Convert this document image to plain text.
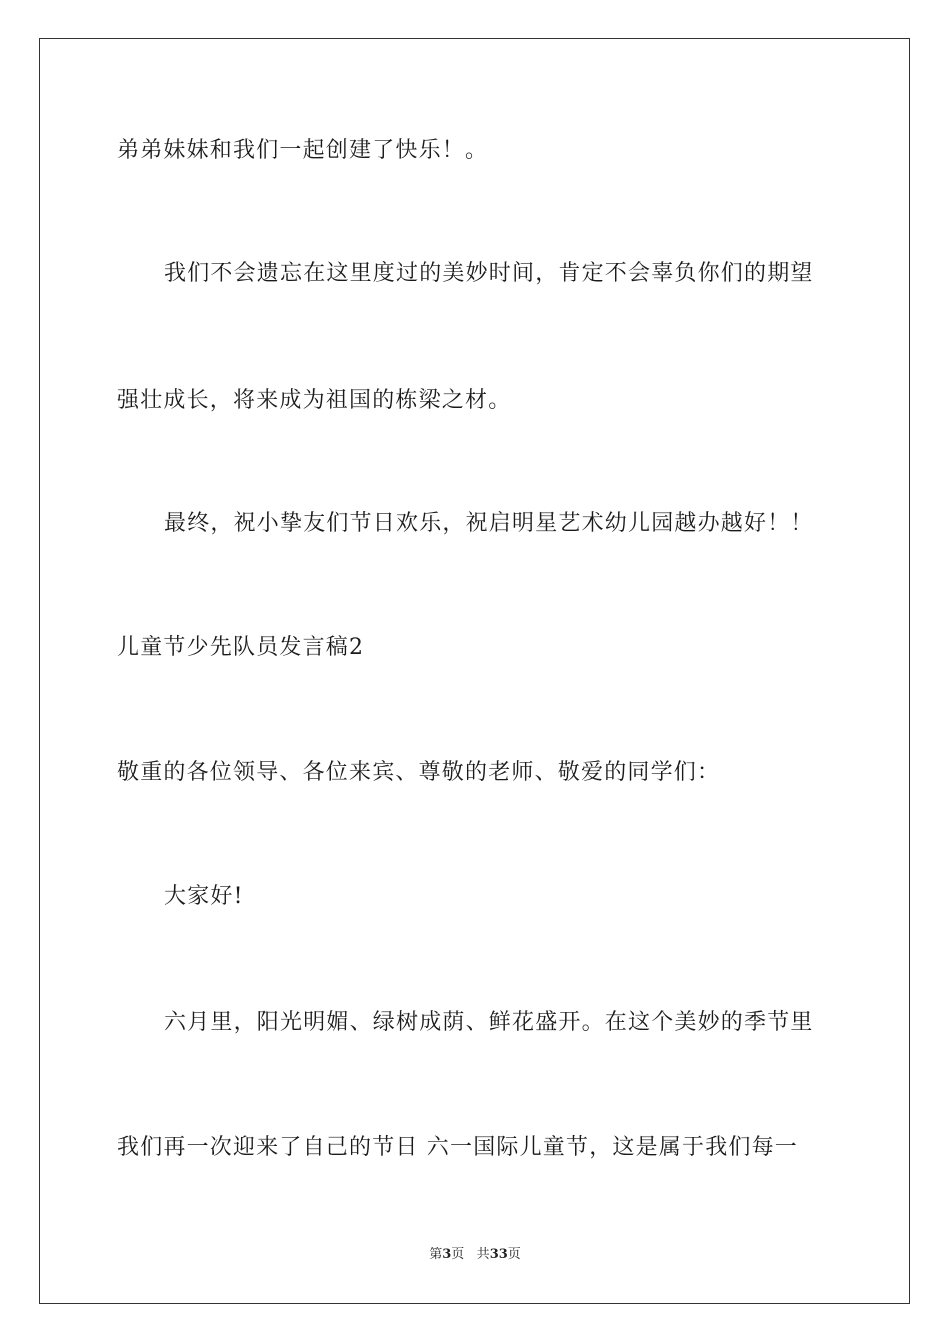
弟弟妹妹和我们一起创建了快乐！。
我们不会遗忘在这里度过的美妙时间，肯定不会辜负你们的期望
强壮成长，将来成为祖国的栋梁之材。
最终，祝小挚友们节日欢乐，祝启明星艺术幼儿园越办越好！！
儿童节少先队员发言稿2
敬重的各位领导、各位来宾、尊敬的老师、敬爱的同学们：
大家好!
六月里，阳光明媚、绿树成荫、鲜花盛开。在这个美妙的季节里
我们再一次迎来了自己的节日 六一国际儿童节，这是属于我们每一
第3页 共33页
